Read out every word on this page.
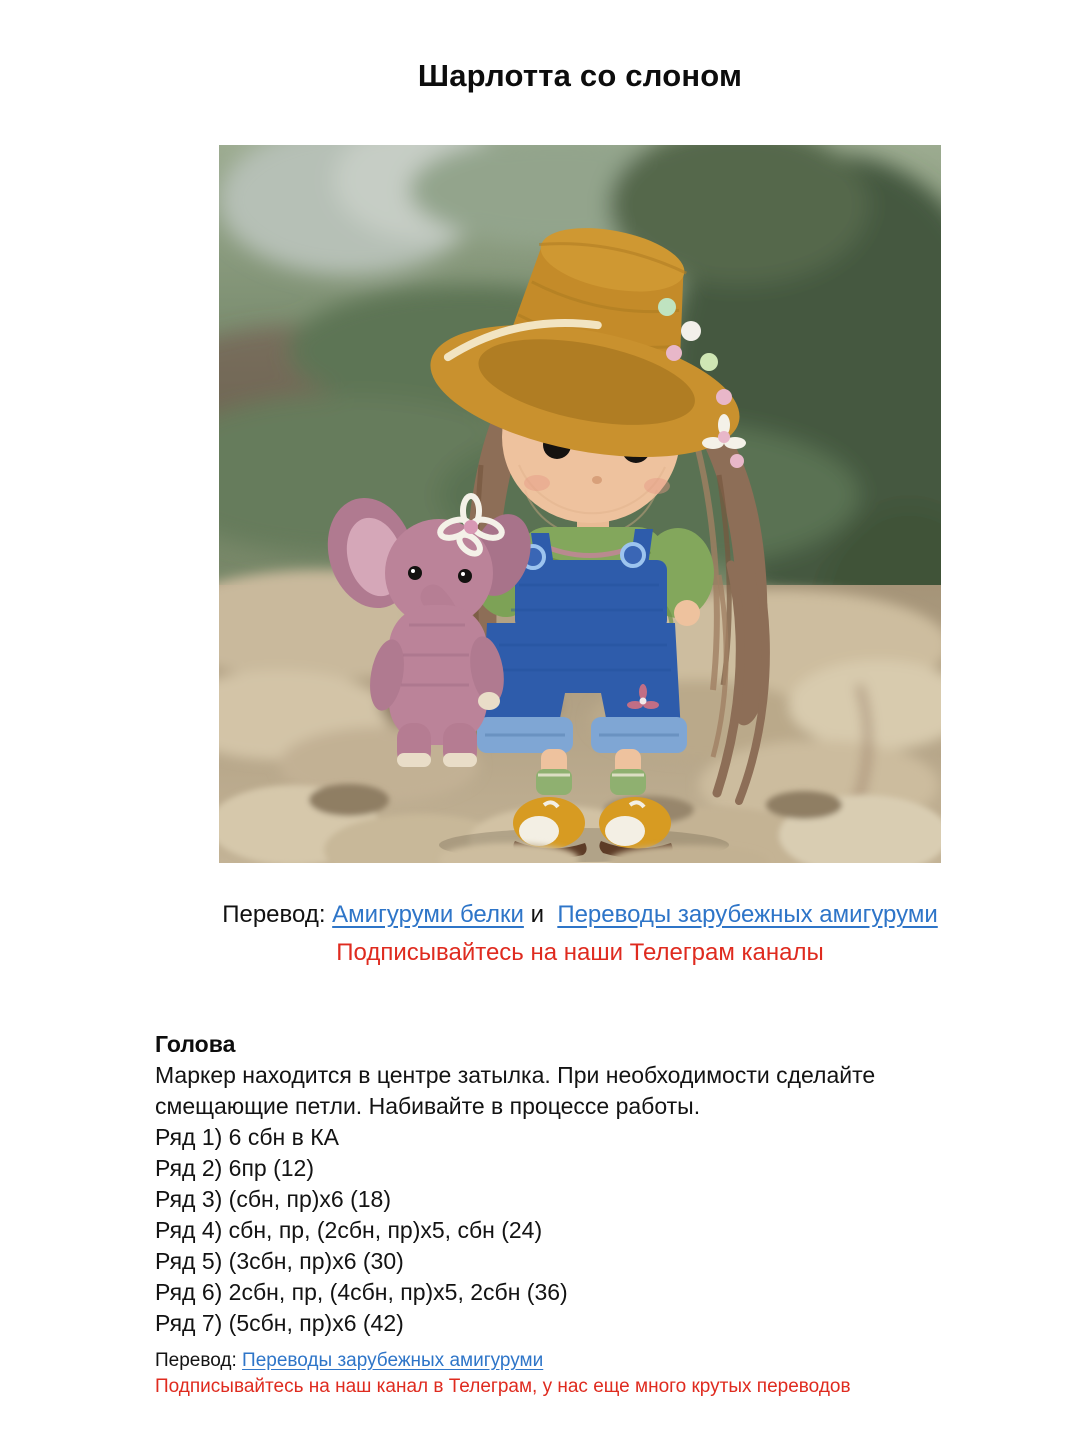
Шарлотта со слоном
Перевод: Амигуруми белки и Переводы зарубежных амигуруми
Подписывайтесь на наши Телеграм каналы
Голова

Маркер находится в центре затылка. При необходимости сделайте смещающие петли. Набивайте в процессе работы.

Ряд 1) 6 сбн в КА

Ряд 2) 6пр (12)

Ряд 3) (сбн, пр)х6 (18)

Ряд 4) сбн, пр, (2сбн, пр)х5, сбн (24)

Ряд 5) (3сбн, пр)х6 (30)

Ряд 6) 2сбн, пр, (4сбн, пр)х5, 2сбн (36)

Ряд 7) (5сбн, пр)х6 (42)

Перевод: Переводы зарубежных амигуруми
Подписывайтесь на наш канал в Телеграм, у нас еще много крутых переводов
